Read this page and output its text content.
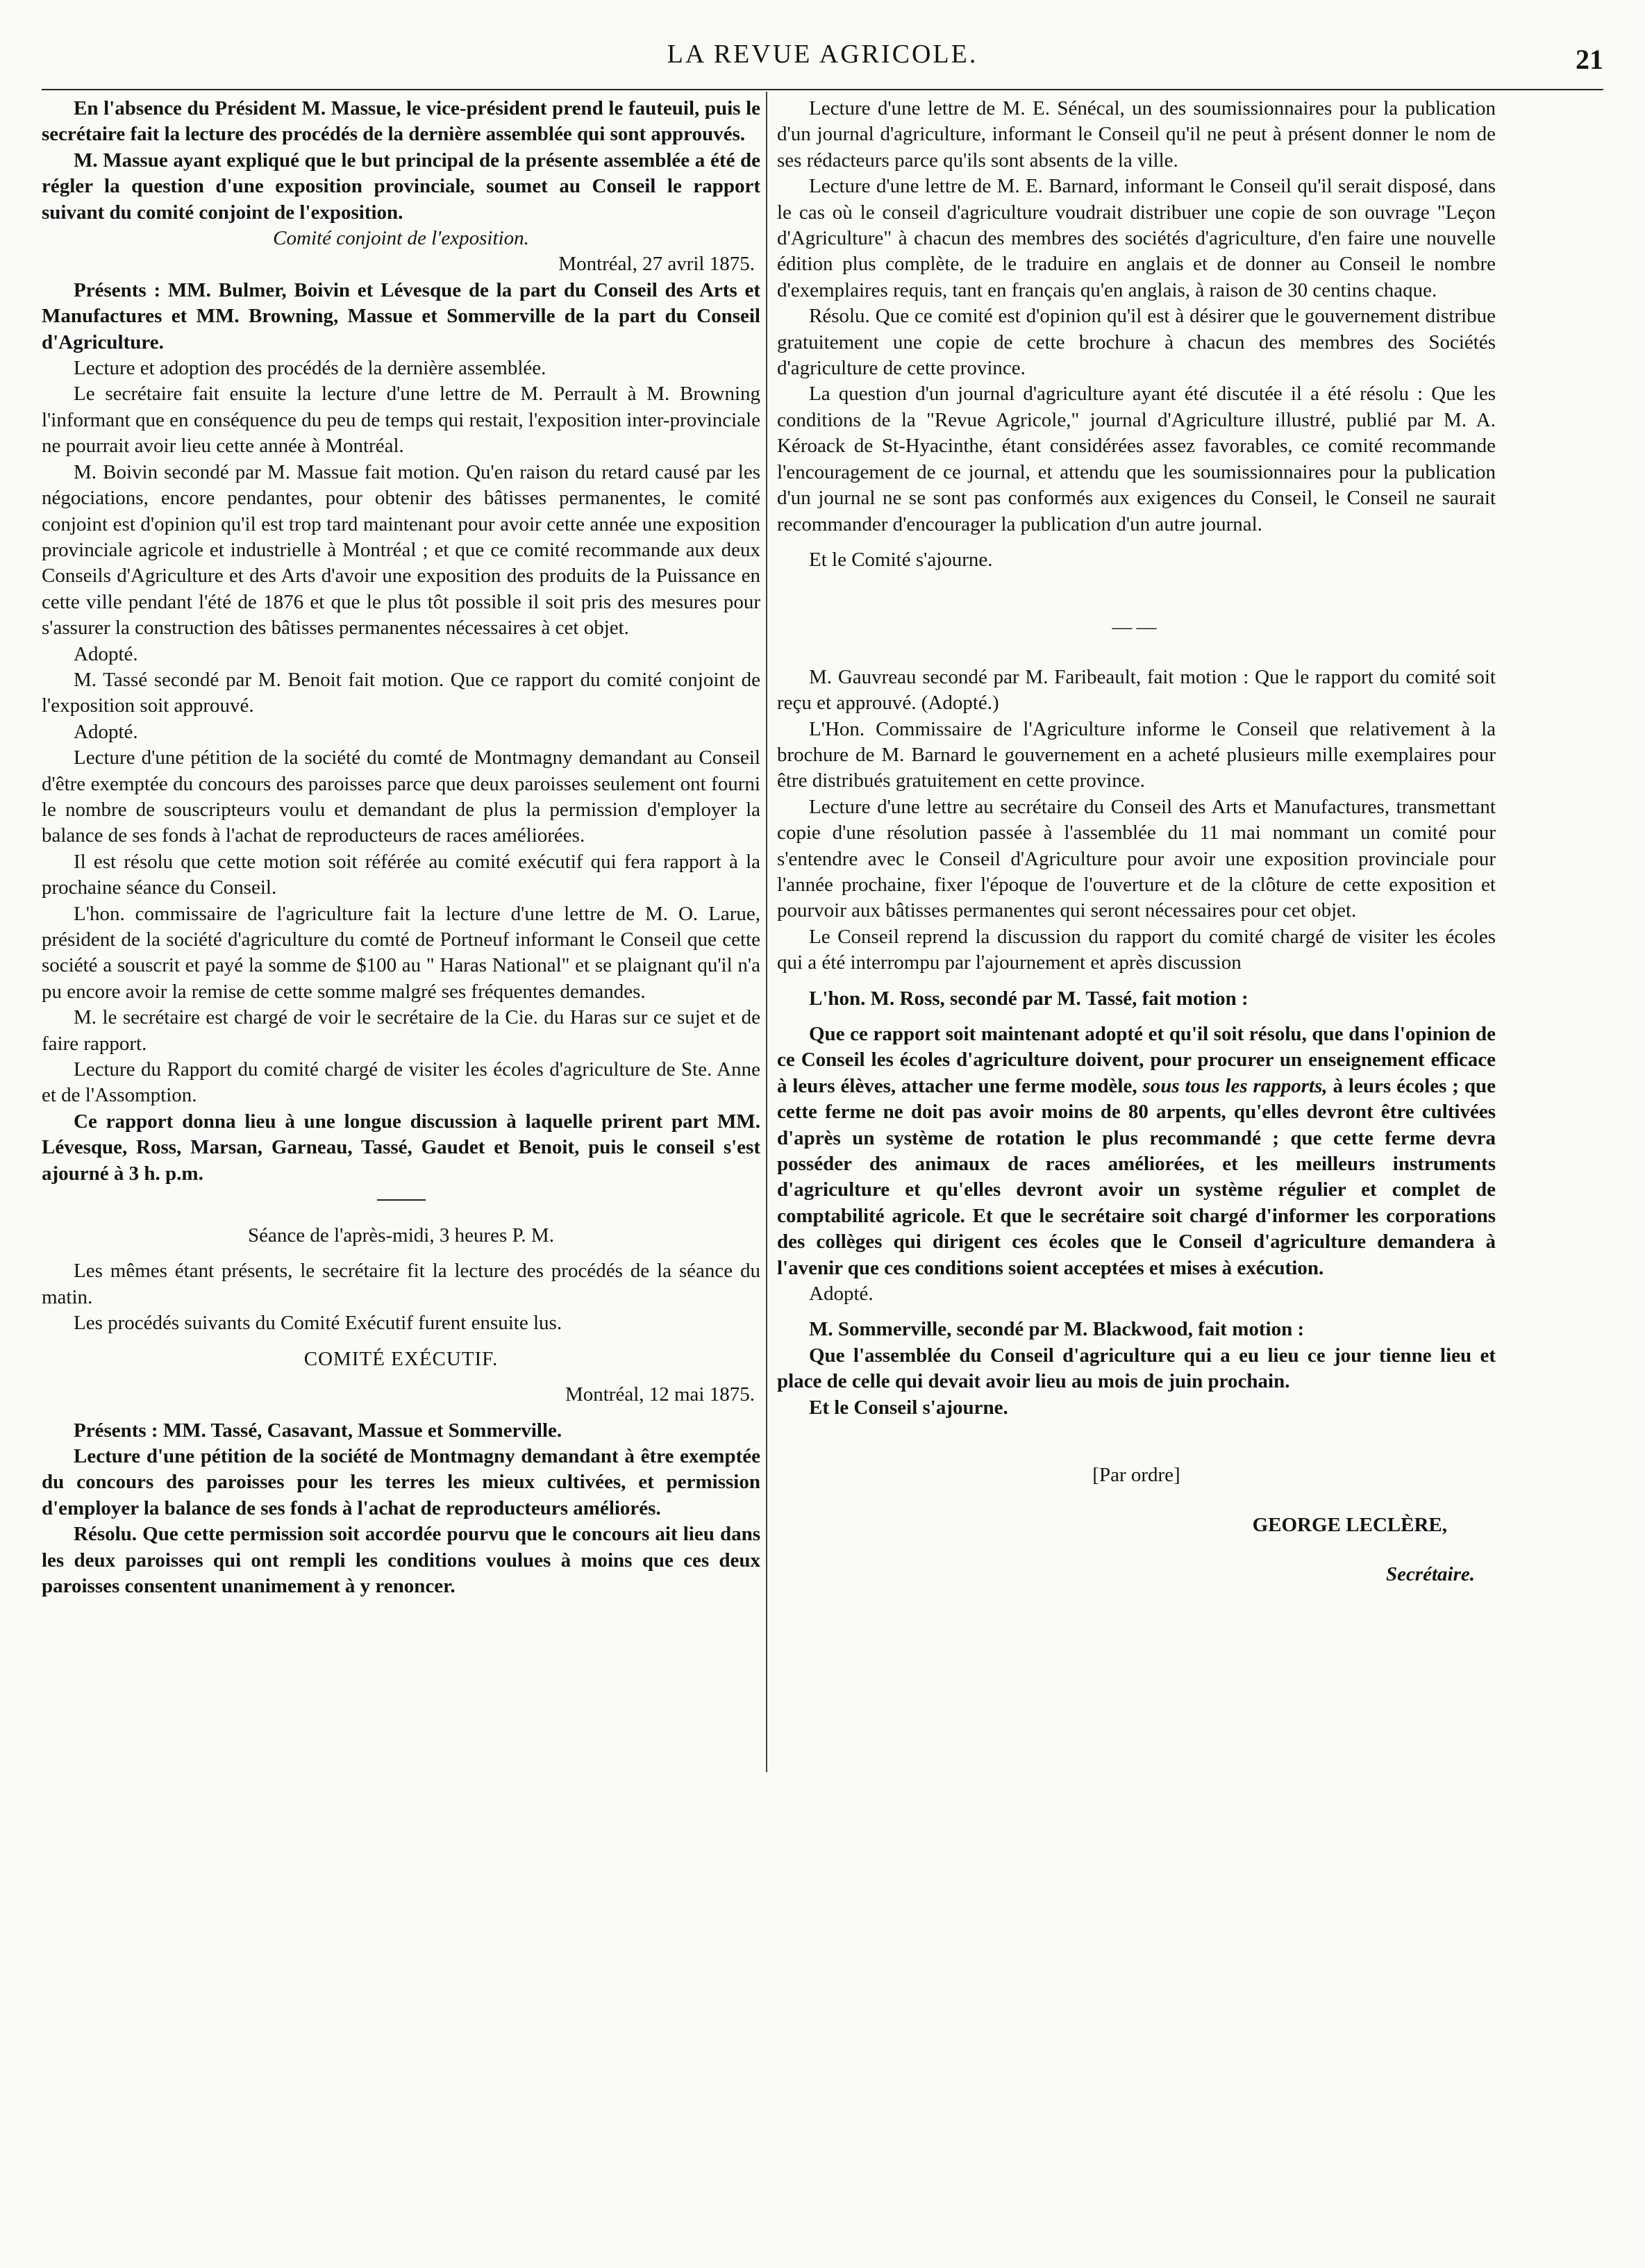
LA REVUE AGRICOLE.	21

En l'absence du Président M. Massue, le vice-président prend le fauteuil, puis le secrétaire fait la lecture des procédés de la dernière assemblée qui sont approuvés.

M. Massue ayant expliqué que le but principal de la présente assemblée a été de régler la question d'une exposition provinciale, soumet au Conseil le rapport suivant du comité conjoint de l'exposition.

Comité conjoint de l'exposition.

Montréal, 27 avril 1875.

Présents : MM. Bulmer, Boivin et Lévesque de la part du Conseil des Arts et Manufactures et MM. Browning, Massue et Sommerville de la part du Conseil d'Agriculture.

Lecture et adoption des procédés de la dernière assemblée.

Le secrétaire fait ensuite la lecture d'une lettre de M. Perrault à M. Browning l'informant que en conséquence du peu de temps qui restait, l'exposition inter-provinciale ne pourrait avoir lieu cette année à Montréal.

M. Boivin secondé par M. Massue fait motion. Qu'en raison du retard causé par les négociations, encore pendantes, pour obtenir des bâtisses permanentes, le comité conjoint est d'opinion qu'il est trop tard maintenant pour avoir cette année une exposition provinciale agricole et industrielle à Montréal ; et que ce comité recommande aux deux Conseils d'Agriculture et des Arts d'avoir une exposition des produits de la Puissance en cette ville pendant l'été de 1876 et que le plus tôt possible il soit pris des mesures pour s'assurer la construction des bâtisses permanentes nécessaires à cet objet.

Adopté.

M. Tassé secondé par M. Benoit fait motion. Que ce rapport du comité conjoint de l'exposition soit approuvé.

Adopté.

Lecture d'une pétition de la société du comté de Montmagny demandant au Conseil d'être exemptée du concours des paroisses parce que deux paroisses seulement ont fourni le nombre de souscripteurs voulu et demandant de plus la permission d'employer la balance de ses fonds à l'achat de reproducteurs de races améliorées.

Il est résolu que cette motion soit référée au comité exécutif qui fera rapport à la prochaine séance du Conseil.

L'hon. commissaire de l'agriculture fait la lecture d'une lettre de M. O. Larue, président de la société d'agriculture du comté de Portneuf informant le Conseil que cette société a souscrit et payé la somme de $100 au " Haras National" et se plaignant qu'il n'a pu encore avoir la remise de cette somme malgré ses fréquentes demandes.

M. le secrétaire est chargé de voir le secrétaire de la Cie. du Haras sur ce sujet et de faire rapport.

Lecture du Rapport du comité chargé de visiter les écoles d'agriculture de Ste. Anne et de l'Assomption.

Ce rapport donna lieu à une longue discussion à laquelle prirent part MM. Lévesque, Ross, Marsan, Garneau, Tassé, Gaudet et Benoit, puis le conseil s'est ajourné à 3 h. p.m.

Séance de l'après-midi, 3 heures P. M.

Les mêmes étant présents, le secrétaire fit la lecture des procédés de la séance du matin.

Les procédés suivants du Comité Exécutif furent ensuite lus.

COMITÉ EXÉCUTIF.

Montréal, 12 mai 1875.

Présents : MM. Tassé, Casavant, Massue et Sommerville.

Lecture d'une pétition de la société de Montmagny demandant à être exemptée du concours des paroisses pour les terres les mieux cultivées, et permission d'employer la balance de ses fonds à l'achat de reproducteurs améliorés.

Résolu. Que cette permission soit accordée pourvu que le concours ait lieu dans les deux paroisses qui ont rempli les conditions voulues à moins que ces deux paroisses consentent unanimement à y renoncer.

Lecture d'une lettre de M. E. Sénécal, un des soumissionnaires pour la publication d'un journal d'agriculture, informant le Conseil qu'il ne peut à présent donner le nom de ses rédacteurs parce qu'ils sont absents de la ville.

Lecture d'une lettre de M. E. Barnard, informant le Conseil qu'il serait disposé, dans le cas où le conseil d'agriculture voudrait distribuer une copie de son ouvrage "Leçon d'Agriculture" à chacun des membres des sociétés d'agriculture, d'en faire une nouvelle édition plus complète, de le traduire en anglais et de donner au Conseil le nombre d'exemplaires requis, tant en français qu'en anglais, à raison de 30 centins chaque.

Résolu. Que ce comité est d'opinion qu'il est à désirer que le gouvernement distribue gratuitement une copie de cette brochure à chacun des membres des Sociétés d'agriculture de cette province.

La question d'un journal d'agriculture ayant été discutée il a été résolu : Que les conditions de la "Revue Agricole," journal d'Agriculture illustré, publié par M. A. Kéroack de St-Hyacinthe, étant considérées assez favorables, ce comité recommande l'encouragement de ce journal, et attendu que les soumissionnaires pour la publication d'un journal ne se sont pas conformés aux exigences du Conseil, le Conseil ne saurait recommander d'encourager la publication d'un autre journal.

Et le Comité s'ajourne.

——

M. Gauvreau secondé par M. Faribeault, fait motion : Que le rapport du comité soit reçu et approuvé. (Adopté.)

L'Hon. Commissaire de l'Agriculture informe le Conseil que relativement à la brochure de M. Barnard le gouvernement en a acheté plusieurs mille exemplaires pour être distribués gratuitement en cette province.

Lecture d'une lettre au secrétaire du Conseil des Arts et Manufactures, transmettant copie d'une résolution passée à l'assemblée du 11 mai nommant un comité pour s'entendre avec le Conseil d'Agriculture pour avoir une exposition provinciale pour l'année prochaine, fixer l'époque de l'ouverture et de la clôture de cette exposition et pourvoir aux bâtisses permanentes qui seront nécessaires pour cet objet.

Le Conseil reprend la discussion du rapport du comité chargé de visiter les écoles qui a été interrompu par l'ajournement et après discussion

L'hon. M. Ross, secondé par M. Tassé, fait motion :

Que ce rapport soit maintenant adopté et qu'il soit résolu, que dans l'opinion de ce Conseil les écoles d'agriculture doivent, pour procurer un enseignement efficace à leurs élèves, attacher une ferme modèle, sous tous les rapports, à leurs écoles ; que cette ferme ne doit pas avoir moins de 80 arpents, qu'elles devront être cultivées d'après un système de rotation le plus recommandé ; que cette ferme devra posséder des animaux de races améliorées, et les meilleurs instruments d'agriculture et qu'elles devront avoir un système régulier et complet de comptabilité agricole. Et que le secrétaire soit chargé d'informer les corporations des collèges qui dirigent ces écoles que le Conseil d'agriculture demandera à l'avenir que ces conditions soient acceptées et mises à exécution.

Adopté.

M. Sommerville, secondé par M. Blackwood, fait motion :

Que l'assemblée du Conseil d'agriculture qui a eu lieu ce jour tienne lieu et place de celle qui devait avoir lieu au mois de juin prochain.

Et le Conseil s'ajourne.

[Par ordre]

GEORGE LECLÈRE,

Secrétaire.
